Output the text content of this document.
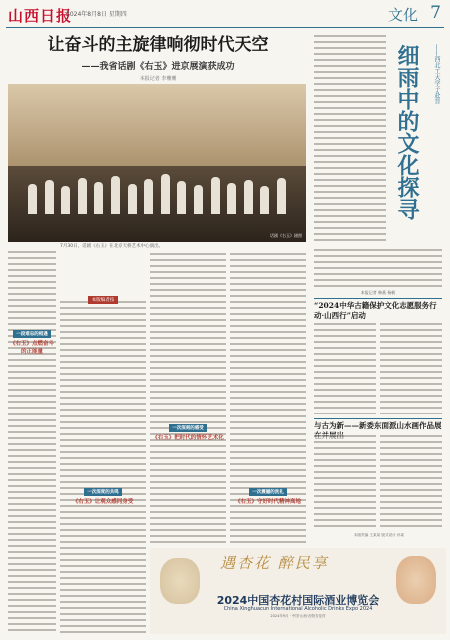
山西日报
2024年8月8日 星期四	文化 7
让奋斗的主旋律响彻时代天空
——我省话剧《右玉》进京展演获成功
本报记者 李珊珊
话剧《右玉》剧照
7月30日，话剧《右玉》在北京天桥艺术中心演出。
本版编者按
一段难忘的相遇
《右玉》点燃奋斗的正能量
一次深刻的感受
《右玉》把时代的情怀艺术化
一次深度的共鸣
《右玉》让观众感同身受
一次震撼的洗礼
《右玉》守好时代精神高地
细雨中的文化探寻	——西北工大学子赴晋
本报记者 韩燕 杨帆
“2024中华古籍保护文化志愿服务行动·山西行”启动
与古为新——新委东面派山水画作品展
本版责编 王某某 版式设计 孙某
遇杏花 醉民享
2024中国杏花村国际酒业博览会
China Xinghuacun International Alcoholic Drinks Expo 2024
2024年9月 · 中国·山西·汾阳杏花村
